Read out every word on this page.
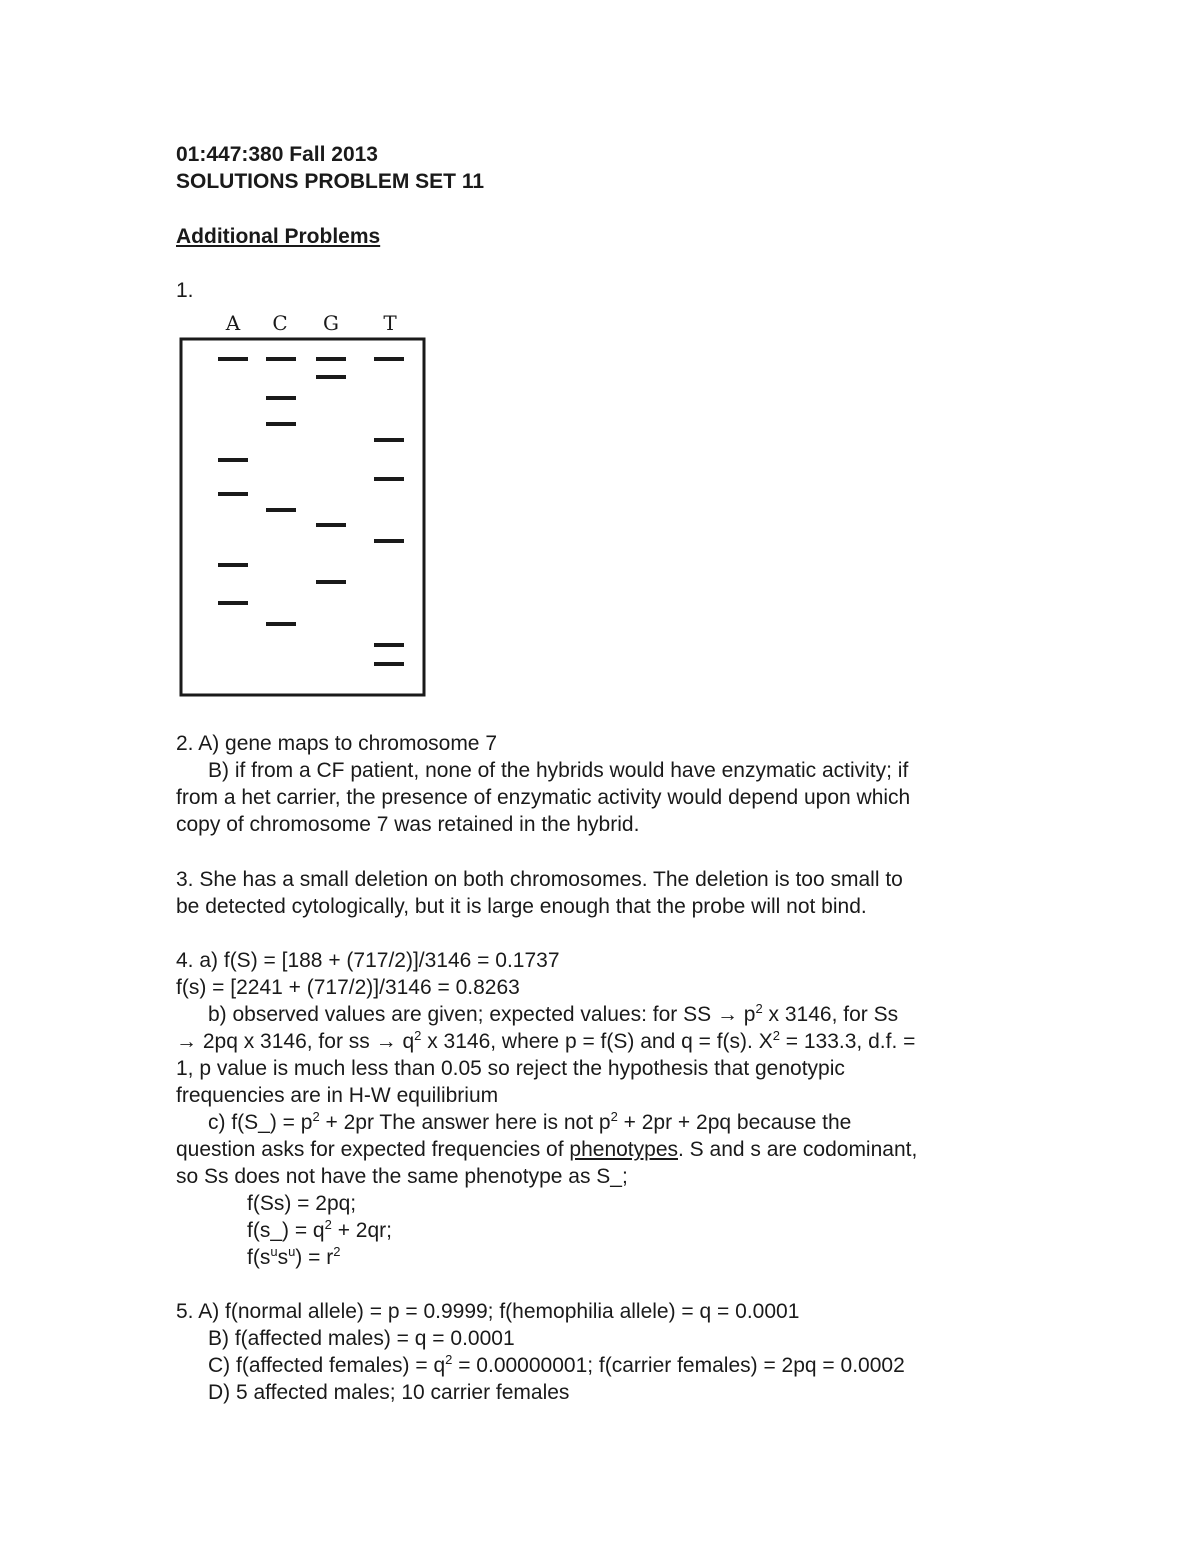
01:447:380 Fall 2013
SOLUTIONS PROBLEM SET 11
Additional Problems
1.
A C G T
2. A) gene maps to chromosome 7
B) if from a CF patient, none of the hybrids would have enzymatic activity; if
from a het carrier, the presence of enzymatic activity would depend upon which
copy of chromosome 7 was retained in the hybrid.
3. She has a small deletion on both chromosomes. The deletion is too small to
be detected cytologically, but it is large enough that the probe will not bind.
4. a) f(S) = [188 + (717/2)]/3146 = 0.1737
f(s) = [2241 + (717/2)]/3146 = 0.8263
b) observed values are given; expected values: for SS → $p^2$ x 3146, for Ss
→ 2pq x 3146, for ss → $q^2$ x 3146, where p = f(S) and q = f(s). $X^2 = 133.3$, d.f. =
1, p value is much less than 0.05 so reject the hypothesis that genotypic
frequencies are in H-W equilibrium
c) f(S_) = $p^2 + 2pr$ The answer here is not $p^2 + 2pr + 2pq$ because the
question asks for expected frequencies of phenotypes. S and s are codominant,
so Ss does not have the same phenotype as S_;
f(Ss) = 2pq;
f(s_) = $q^2 + 2qr$;
$f(s^us^u) = r^2$
5. A) f(normal allele) = p = 0.9999; f(hemophilia allele) = q = 0.0001
B) f(affected males) = q = 0.0001
C) f(affected females) = $q^2 = 0.00000001$; f(carrier females) = 2pq = 0.0002
D) 5 affected males; 10 carrier females
